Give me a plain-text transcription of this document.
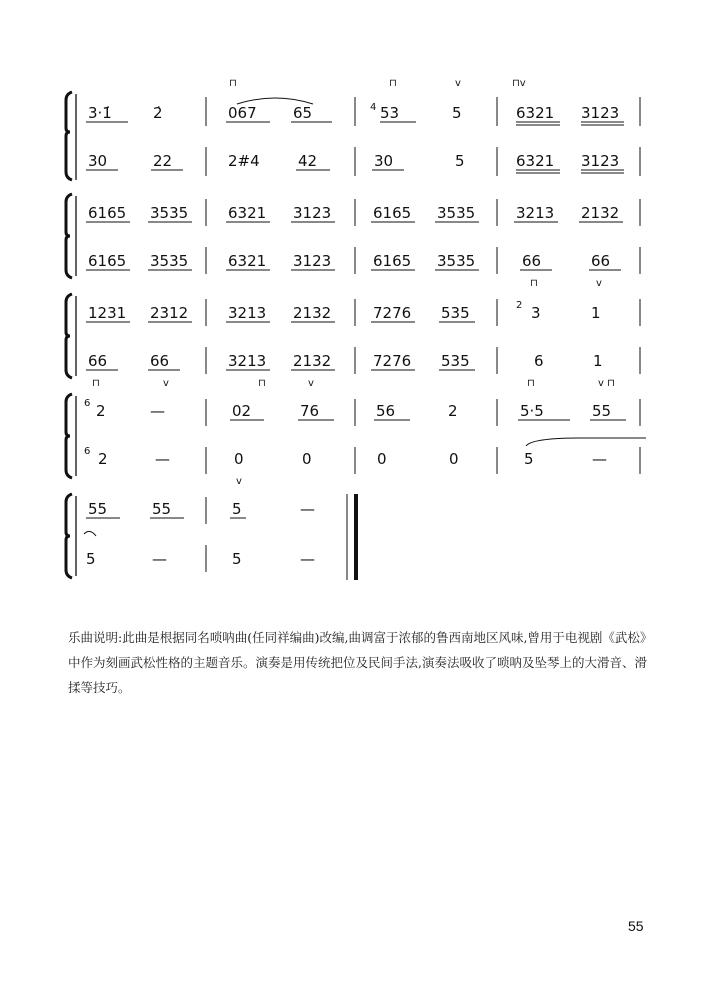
⊓	⊓	v	⊓v
3·1̇	2̇	067 65	4 53	5	6321 3123
30	22	2#4	42	30	5	6321 3123
6165 3535	6321 3123	6165 3535	3213 2132
6165 3535	6321 3123	6165 3535	66	66
⊓	v
1231 2312	3213 2132	7276 535	2 3	1
66	66	3213 2132	7276 535	6	1
⊓	v	⊓	v	⊓	v ⊓
6 2	—	02	76	56	2	5·5	55
6 2	—	0	0	0	0	5	—
v
55	55	5	—
5	—	5	—
乐曲说明:此曲是根据同名唢呐曲(任同祥编曲)改编,曲调富于浓郁的鲁西南地区风味,曾用于电视剧《武松》中作为刻画武松性格的主题音乐。演奏是用传统把位及民间手法,演奏法吸收了唢呐及坠琴上的大滑音、滑揉等技巧。
55
